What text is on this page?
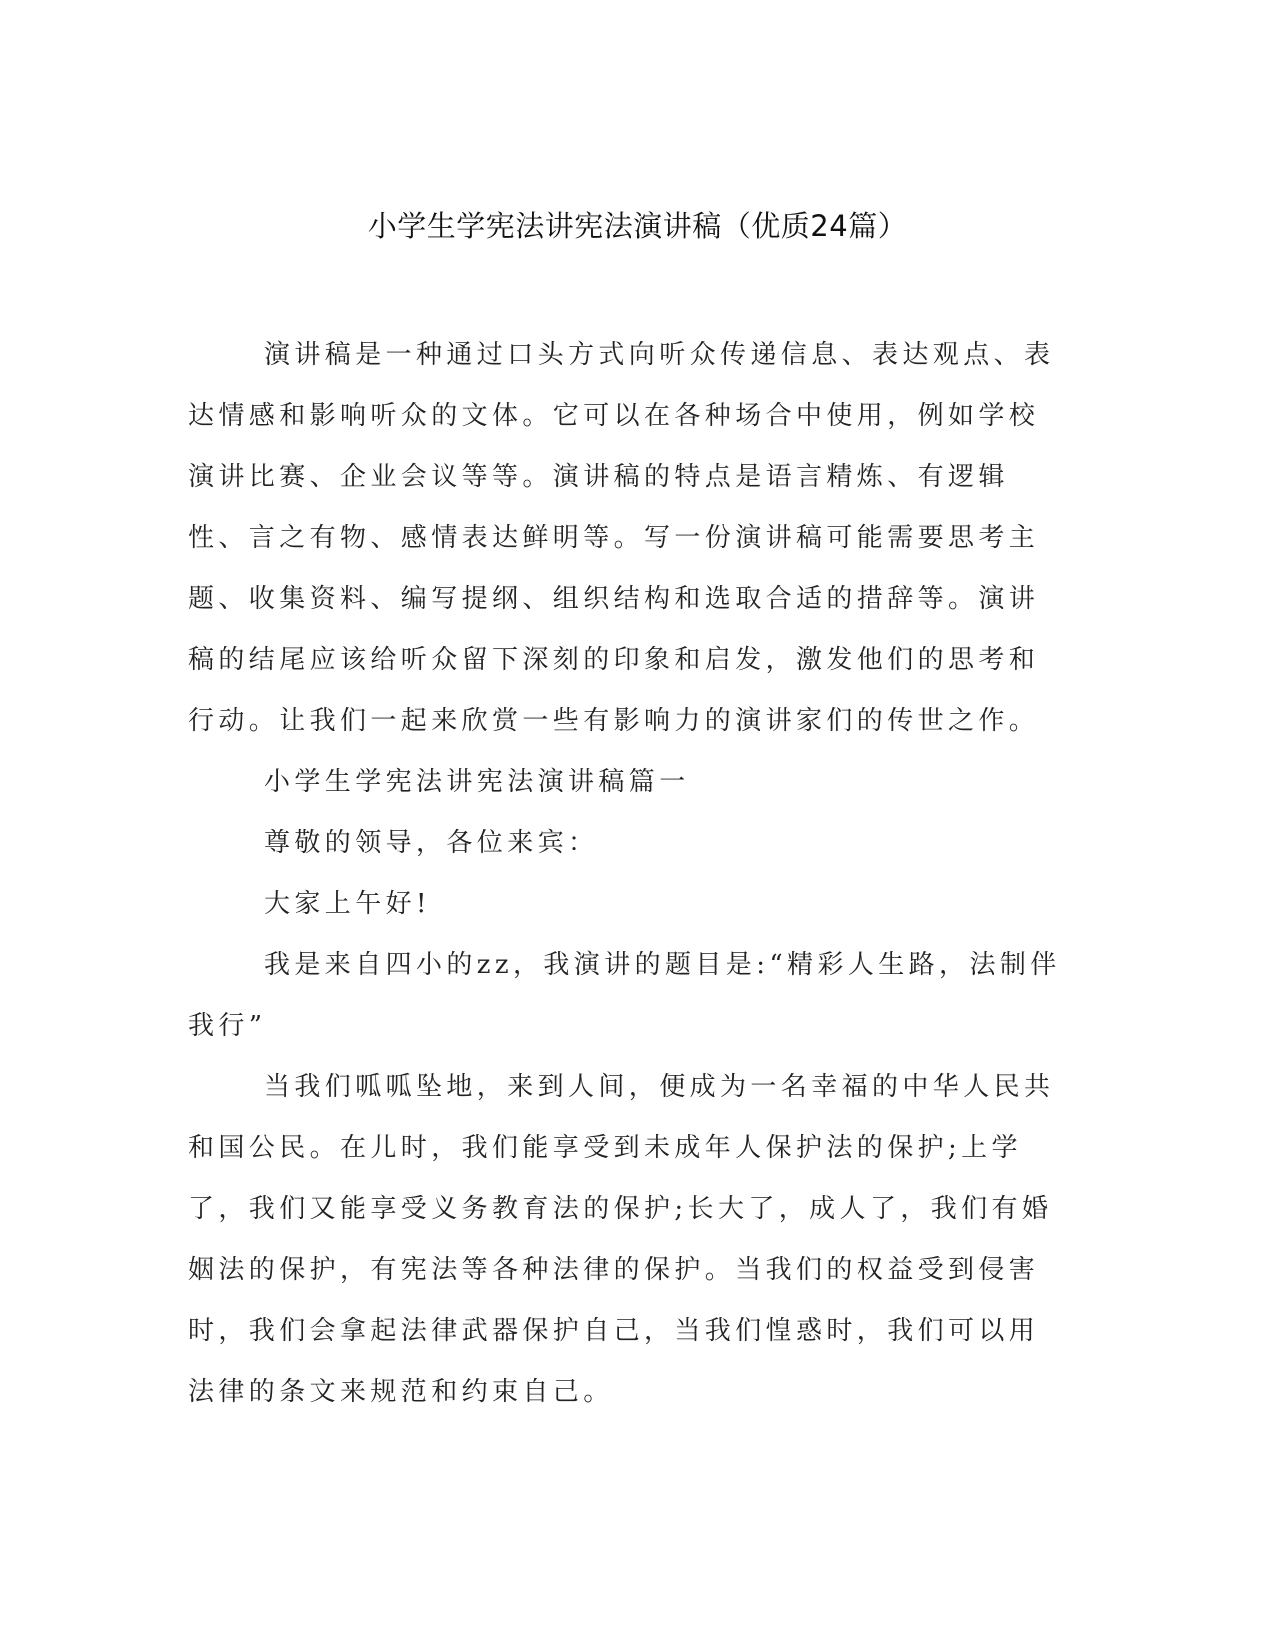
小学生学宪法讲宪法演讲稿（优质24篇）

演讲稿是一种通过口头方式向听众传递信息、表达观点、表达情感和影响听众的文体。它可以在各种场合中使用，例如学校演讲比赛、企业会议等等。演讲稿的特点是语言精炼、有逻辑性、言之有物、感情表达鲜明等。写一份演讲稿可能需要思考主题、收集资料、编写提纲、组织结构和选取合适的措辞等。演讲稿的结尾应该给听众留下深刻的印象和启发，激发他们的思考和行动。让我们一起来欣赏一些有影响力的演讲家们的传世之作。

小学生学宪法讲宪法演讲稿篇一

尊敬的领导，各位来宾：

大家上午好!

我是来自四小的zz，我演讲的题目是:“精彩人生路，法制伴我行”

当我们呱呱坠地，来到人间，便成为一名幸福的中华人民共和国公民。在儿时，我们能享受到未成年人保护法的保护;上学了，我们又能享受义务教育法的保护;长大了，成人了，我们有婚姻法的保护，有宪法等各种法律的保护。当我们的权益受到侵害时，我们会拿起法律武器保护自己，当我们惶惑时，我们可以用法律的条文来规范和约束自己。
